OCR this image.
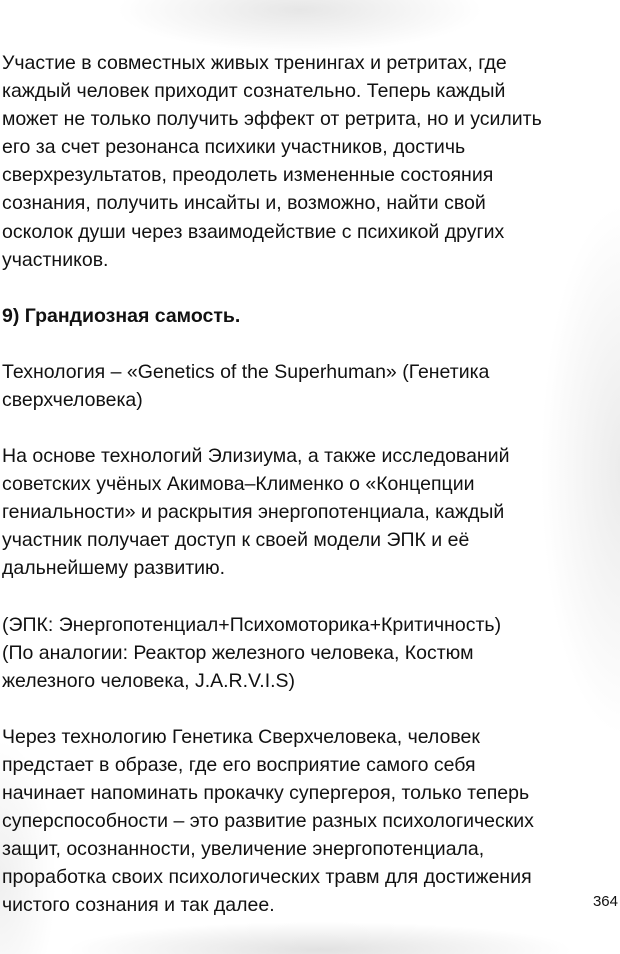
Участие в совместных живых тренингах и ретритах, где
каждый человек приходит сознательно. Теперь каждый
может не только получить эффект от ретрита, но и усилить
его за счет резонанса психики участников, достичь
сверхрезультатов, преодолеть измененные состояния
сознания, получить инсайты и, возможно, найти свой
осколок души через взаимодействие с психикой других
участников.

9) Грандиозная самость.

Технология – «Genetics of the Superhuman» (Генетика
сверхчеловека)

На основе технологий Элизиума, а также исследований
советских учёных Акимова–Клименко о «Концепции
гениальности» и раскрытия энергопотенциала, каждый
участник получает доступ к своей модели ЭПК и её
дальнейшему развитию.

(ЭПК: Энергопотенциал+Психомоторика+Критичность)
(По аналогии: Реактор железного человека, Костюм
железного человека, J.A.R.V.I.S)

Через технологию Генетика Сверхчеловека, человек
предстает в образе, где его восприятие самого себя
начинает напоминать прокачку супергероя, только теперь
суперспособности – это развитие разных психологических
защит, осознанности, увеличение энергопотенциала,
проработка своих психологических травм для достижения
чистого сознания и так далее.	364
